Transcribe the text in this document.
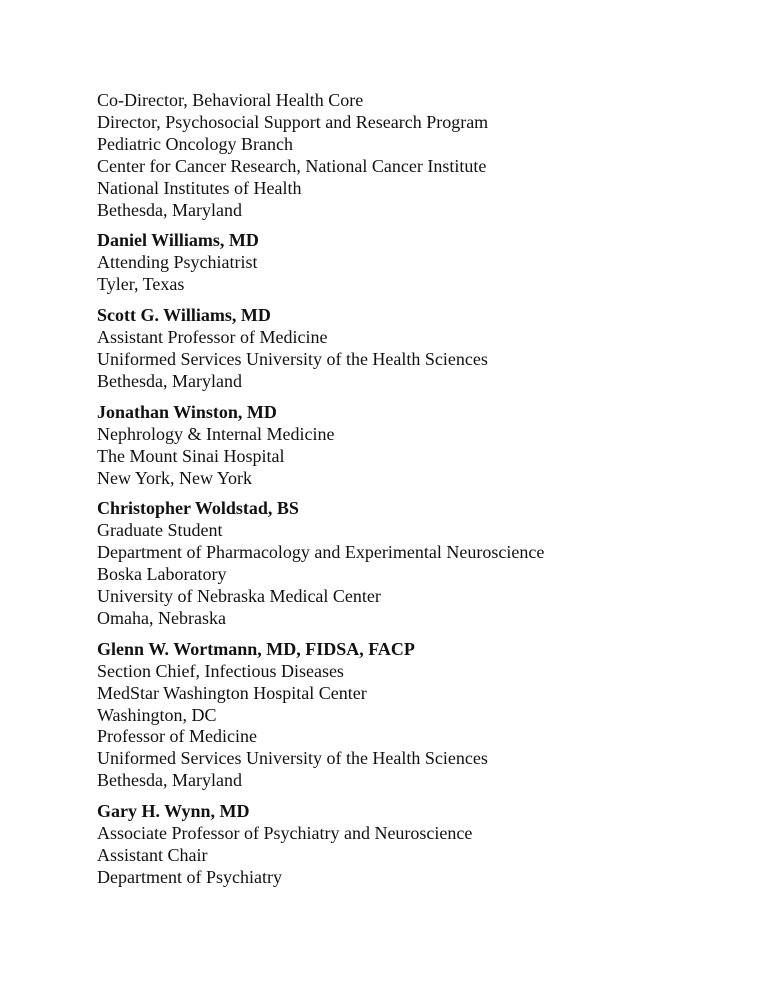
Co-Director, Behavioral Health Core
Director, Psychosocial Support and Research Program
Pediatric Oncology Branch
Center for Cancer Research, National Cancer Institute
National Institutes of Health
Bethesda, Maryland
Daniel Williams, MD
Attending Psychiatrist
Tyler, Texas
Scott G. Williams, MD
Assistant Professor of Medicine
Uniformed Services University of the Health Sciences
Bethesda, Maryland
Jonathan Winston, MD
Nephrology & Internal Medicine
The Mount Sinai Hospital
New York, New York
Christopher Woldstad, BS
Graduate Student
Department of Pharmacology and Experimental Neuroscience
Boska Laboratory
University of Nebraska Medical Center
Omaha, Nebraska
Glenn W. Wortmann, MD, FIDSA, FACP
Section Chief, Infectious Diseases
MedStar Washington Hospital Center
Washington, DC
Professor of Medicine
Uniformed Services University of the Health Sciences
Bethesda, Maryland
Gary H. Wynn, MD
Associate Professor of Psychiatry and Neuroscience
Assistant Chair
Department of Psychiatry
